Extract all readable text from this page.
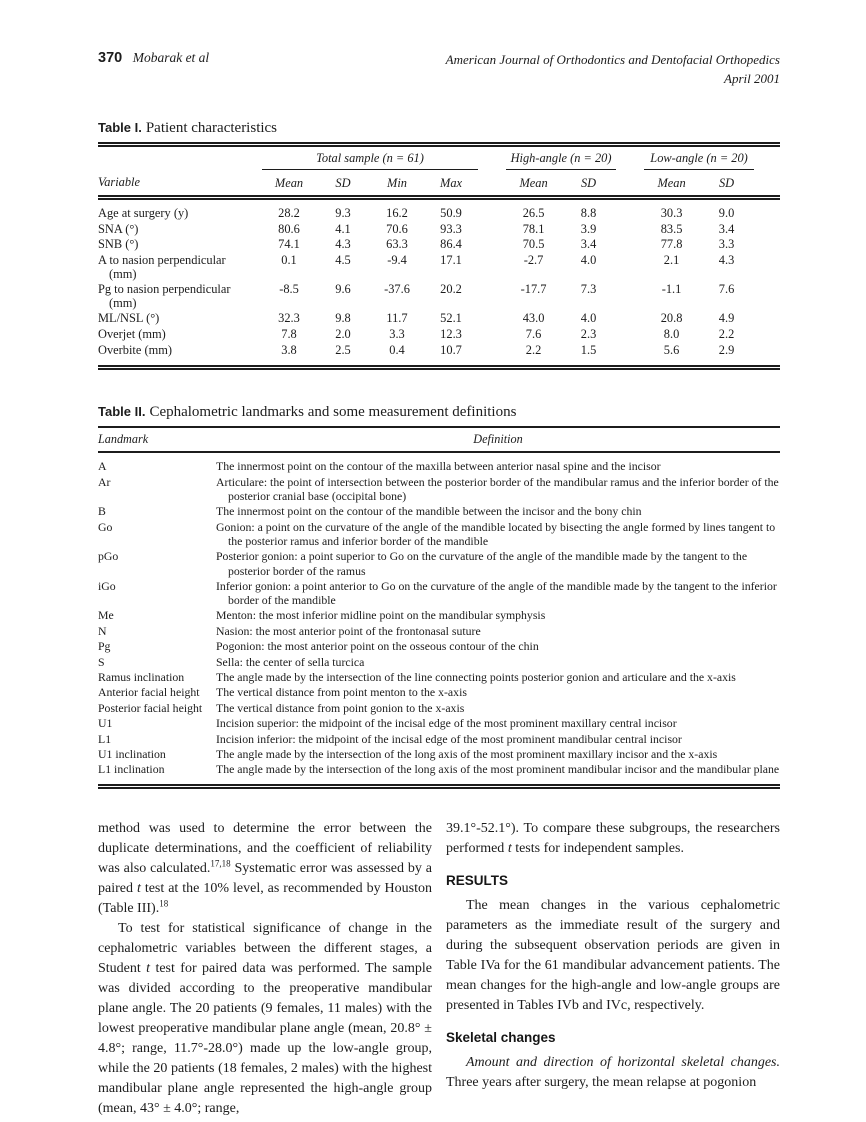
370 Mobarak et al	American Journal of Orthodontics and Dentofacial Orthopedics
April 2001

Table I. Patient characteristics

	Total sample (n = 61)					High-angle (n = 20)			Low-angle (n = 20)		
Variable	Mean	SD	Min	Max		Mean	SD		Mean	SD	
Age at surgery (y)	28.2	9.3	16.2	50.9		26.5	8.8		30.3	9.0	
SNA (°)	80.6	4.1	70.6	93.3		78.1	3.9		83.5	3.4	
SNB (°)	74.1	4.3	63.3	86.4		70.5	3.4		77.8	3.3	
A to nasion perpendicular
(mm)	0.1	4.5	-9.4	17.1		-2.7	4.0		2.1	4.3	
Pg to nasion perpendicular
(mm)	-8.5	9.6	-37.6	20.2		-17.7	7.3		-1.1	7.6	
ML/NSL (°)	32.3	9.8	11.7	52.1		43.0	4.0		20.8	4.9	
Overjet (mm)	7.8	2.0	3.3	12.3		7.6	2.3		8.0	2.2	
Overbite (mm)	3.8	2.5	0.4	10.7		2.2	1.5		5.6	2.9	

Table II. Cephalometric landmarks and some measurement definitions

Landmark	Definition
A	The innermost point on the contour of the maxilla between anterior nasal spine and the incisor
Ar	Articulare: the point of intersection between the posterior border of the mandibular ramus and the inferior border of the posterior cranial base (occipital bone)
B	The innermost point on the contour of the mandible between the incisor and the bony chin
Go	Gonion: a point on the curvature of the angle of the mandible located by bisecting the angle formed by lines tangent to the posterior ramus and inferior border of the mandible
pGo	Posterior gonion: a point superior to Go on the curvature of the angle of the mandible made by the tangent to the posterior border of the ramus
iGo	Inferior gonion: a point anterior to Go on the curvature of the angle of the mandible made by the tangent to the inferior border of the mandible
Me	Menton: the most inferior midline point on the mandibular symphysis
N	Nasion: the most anterior point of the frontonasal suture
Pg	Pogonion: the most anterior point on the osseous contour of the chin
S	Sella: the center of sella turcica
Ramus inclination	The angle made by the intersection of the line connecting points posterior gonion and articulare and the x-axis
Anterior facial height	The vertical distance from point menton to the x-axis
Posterior facial height	The vertical distance from point gonion to the x-axis
U1	Incision superior: the midpoint of the incisal edge of the most prominent maxillary central incisor
L1	Incision inferior: the midpoint of the incisal edge of the most prominent mandibular central incisor
U1 inclination	The angle made by the intersection of the long axis of the most prominent maxillary incisor and the x-axis
L1 inclination	The angle made by the intersection of the long axis of the most prominent mandibular incisor and the mandibular plane

method was used to determine the error between the duplicate determinations, and the coefficient of reliability was also calculated.$^{17,18}$ Systematic error was assessed by a paired t test at the 10% level, as recommended by Houston (Table III).$^{18}$

To test for statistical significance of change in the cephalometric variables between the different stages, a Student t test for paired data was performed. The sample was divided according to the preoperative mandibular plane angle. The 20 patients (9 females, 11 males) with the lowest preoperative mandibular plane angle (mean, 20.8° ± 4.8°; range, 11.7°-28.0°) made up the low-angle group, while the 20 patients (18 females, 2 males) with the highest mandibular plane angle represented the high-angle group (mean, 43° ± 4.0°; range,

39.1°-52.1°). To compare these subgroups, the researchers performed t tests for independent samples.

RESULTS

The mean changes in the various cephalometric parameters as the immediate result of the surgery and during the subsequent observation periods are given in Table IVa for the 61 mandibular advancement patients. The mean changes for the high-angle and low-angle groups are presented in Tables IVb and IVc, respectively.

Skeletal changes

Amount and direction of horizontal skeletal changes. Three years after surgery, the mean relapse at pogonion
